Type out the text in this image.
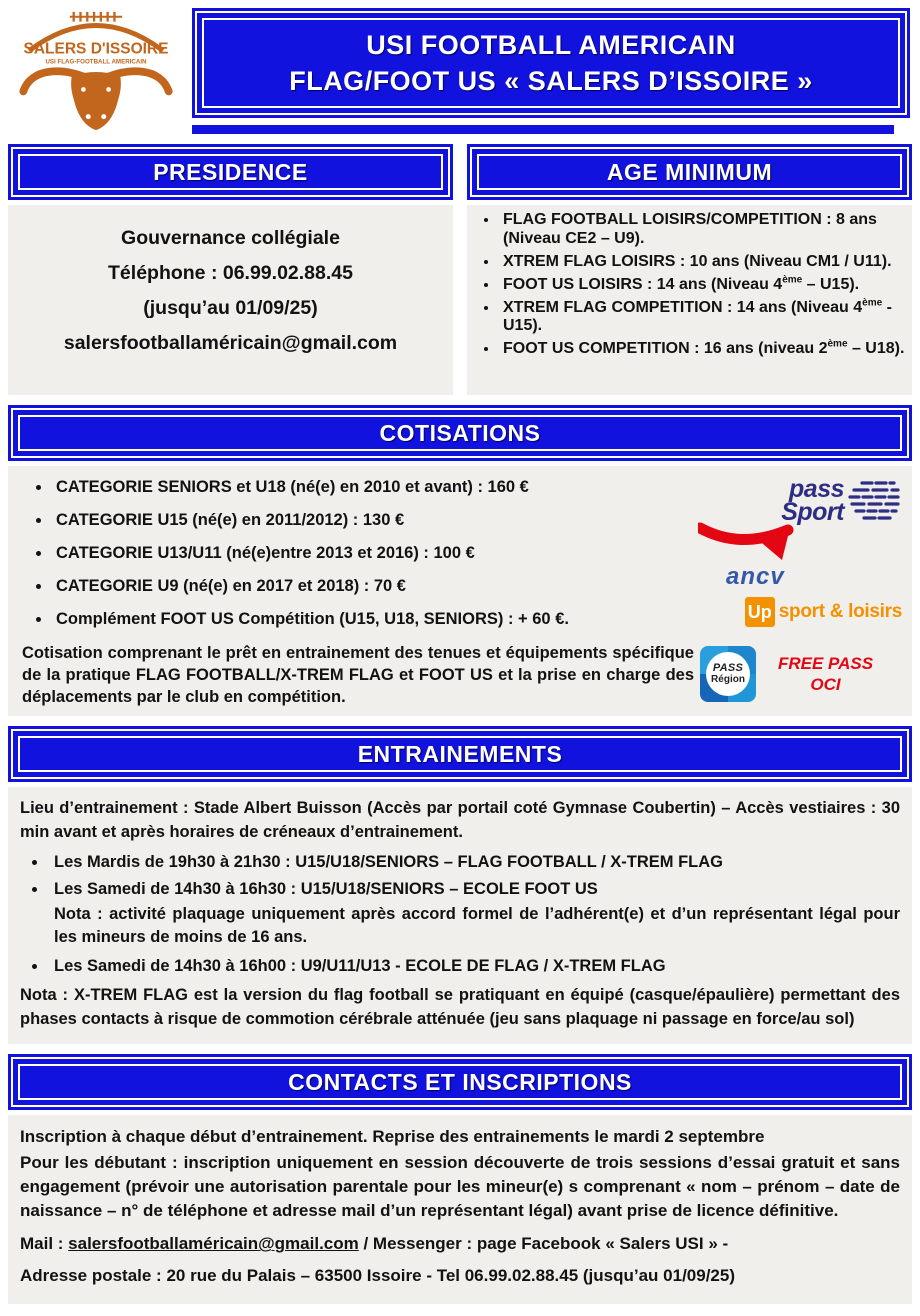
SALERS D'ISSOIRE
USI FLAG-FOOTBALL AMERICAIN
USI FOOTBALL AMERICAIN
FLAG/FOOT US « SALERS D’ISSOIRE »
PRESIDENCE
Gouvernance collégiale
Téléphone : 06.99.02.88.45
(jusqu’au 01/09/25)
salersfootballaméricain@gmail.com
AGE MINIMUM
• FLAG FOOTBALL LOISIRS/COMPETITION : 8 ans (Niveau CE2 – U9).
• XTREM FLAG LOISIRS : 10 ans (Niveau CM1 / U11).
• FOOT US LOISIRS : 14 ans (Niveau 4ème – U15).
• XTREM FLAG COMPETITION : 14 ans (Niveau 4ème - U15).
• FOOT US COMPETITION : 16 ans (niveau 2ème – U18).
COTISATIONS
• CATEGORIE SENIORS et U18 (né(e) en 2010 et avant) : 160 €
• CATEGORIE U15 (né(e) en 2011/2012) : 130 €
• CATEGORIE U13/U11 (né(e)entre 2013 et 2016) : 100 €
• CATEGORIE U9 (né(e) en 2017 et 2018) : 70 €
• Complément FOOT US Compétition (U15, U18, SENIORS) : + 60 €.

Cotisation comprenant le prêt en entrainement des tenues et équipements spécifique de la pratique FLAG FOOTBALL/X-TREM FLAG et FOOT US et la prise en charge des déplacements par le club en compétition.

pass
Sport
ancv
Up sport & loisirs
PASS
Région
FREE PASS
OCI
ENTRAINEMENTS

Lieu d’entrainement : Stade Albert Buisson (Accès par portail coté Gymnase Coubertin) – Accès vestiaires : 30 min avant et après horaires de créneaux d’entrainement.

• Les Mardis de 19h30 à 21h30 : U15/U18/SENIORS – FLAG FOOTBALL / X-TREM FLAG
• Les Samedi de 14h30 à 16h30 : U15/U18/SENIORS – ECOLE FOOT US
Nota : activité plaquage uniquement après accord formel de l’adhérent(e) et d’un représentant légal pour les mineurs de moins de 16 ans.
• Les Samedi de 14h30 à 16h00 : U9/U11/U13 - ECOLE DE FLAG / X-TREM FLAG

Nota : X-TREM FLAG est la version du flag football se pratiquant en équipé (casque/épaulière) permettant des phases contacts à risque de commotion cérébrale atténuée (jeu sans plaquage ni passage en force/au sol)

CONTACTS ET INSCRIPTIONS

Inscription à chaque début d’entrainement. Reprise des entrainements le mardi 2 septembre

Pour les débutant : inscription uniquement en session découverte de trois sessions d’essai gratuit et sans engagement (prévoir une autorisation parentale pour les mineur(e) s comprenant « nom – prénom – date de naissance – n° de téléphone et adresse mail d’un représentant légal) avant prise de licence définitive.

Mail : salersfootballaméricain@gmail.com / Messenger : page Facebook « Salers USI » -

Adresse postale : 20 rue du Palais – 63500 Issoire - Tel 06.99.02.88.45 (jusqu’au 01/09/25)
